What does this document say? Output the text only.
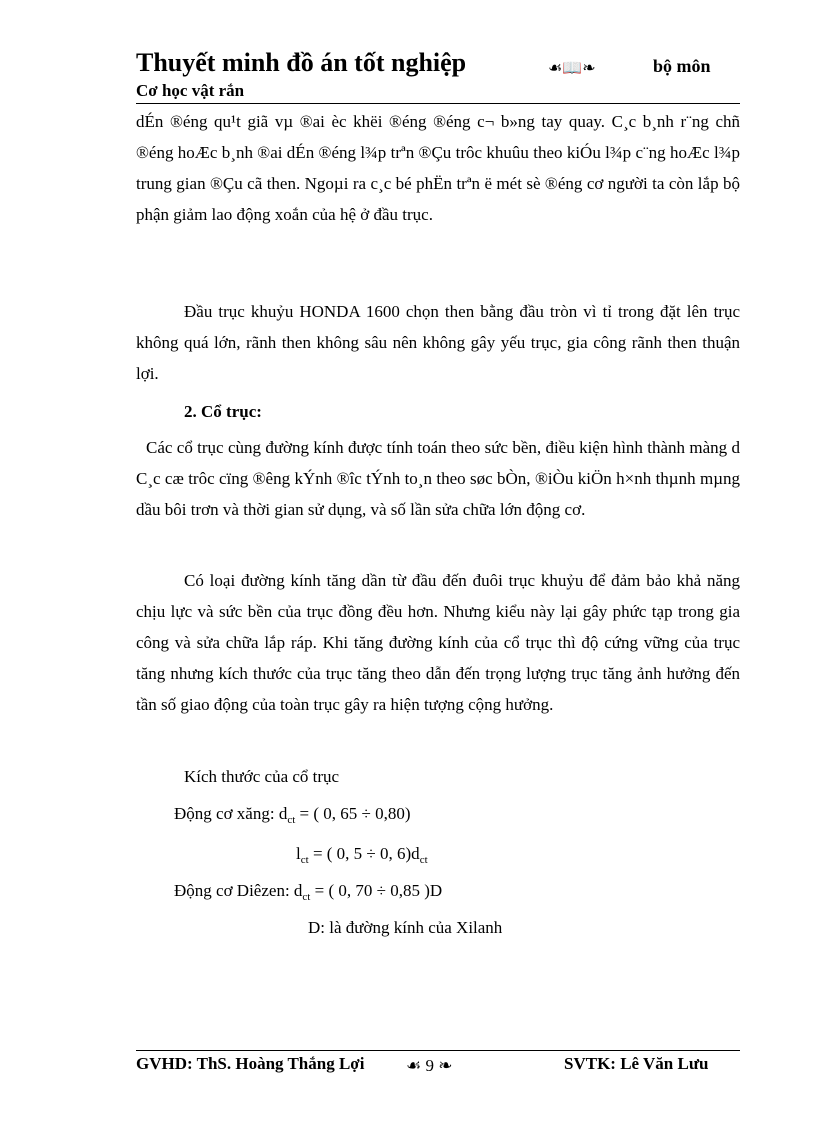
Thuyết minh đồ án tốt nghiệp	☙📖❧	bộ môn
Cơ học vật rắn
dÉn ®éng qu¹t giã vµ ®ai èc khëi ®éng ®éng c¬ b»ng tay quay. C¸c b¸nh r¨ng chñ ®éng hoÆc b¸nh ®ai dÉn ®éng l¾p trªn ®Çu trôc khuûu theo kiÓu l¾p c¨ng hoÆc l¾p trung gian ®Çu cã then. Ngoµi ra c¸c bé phËn trªn ë mét sè ®éng cơ người ta còn lắp bộ phận giảm lao động xoắn của hệ ở đầu trục.
Đầu trục khuỷu HONDA 1600 chọn then bằng đầu tròn vì tỉ trong đặt lên trục không quá lớn, rãnh then không sâu nên không gây yếu trục, gia công rãnh then thuận lợi.
2. Cổ trục:
Các cổ trục cùng đường kính được tính toán theo sức bền, điều kiện hình thành màng d C¸c cæ trôc cïng ®êng kÝnh ®îc tÝnh to¸n theo søc bÒn, ®iÒu kiÖn h×nh thµnh mµng dầu bôi trơn và thời gian sử dụng, và số lần sửa chữa lớn động cơ.
Có loại đường kính tăng dần từ đầu đến đuôi trục khuỷu để đảm bảo khả năng chịu lực và sức bền của trục đồng đều hơn. Nhưng kiểu này lại gây phức tạp trong gia công và sửa chữa lắp ráp. Khi tăng đường kính của cổ trục thì độ cứng vững của trục tăng nhưng kích thước của trục tăng theo dẫn đến trọng lượng trục tăng ảnh hưởng đến tần số giao động của toàn trục gây ra hiện tượng cộng hưởng.
Kích thước của cổ trục
Động cơ xăng: $d_{ct}$ = ( 0, 65 ÷ 0,80)
$l_{ct}$ = ( 0, 5 ÷ 0, $6)d_{ct}$
Động cơ Diêzen: $d_{ct}$ = ( 0, 70 ÷ 0,85 )D
D: là đường kính của Xilanh
GVHD: ThS. Hoàng Thắng Lợi ☙ 9 ❧	SVTK: Lê Văn Lưu
